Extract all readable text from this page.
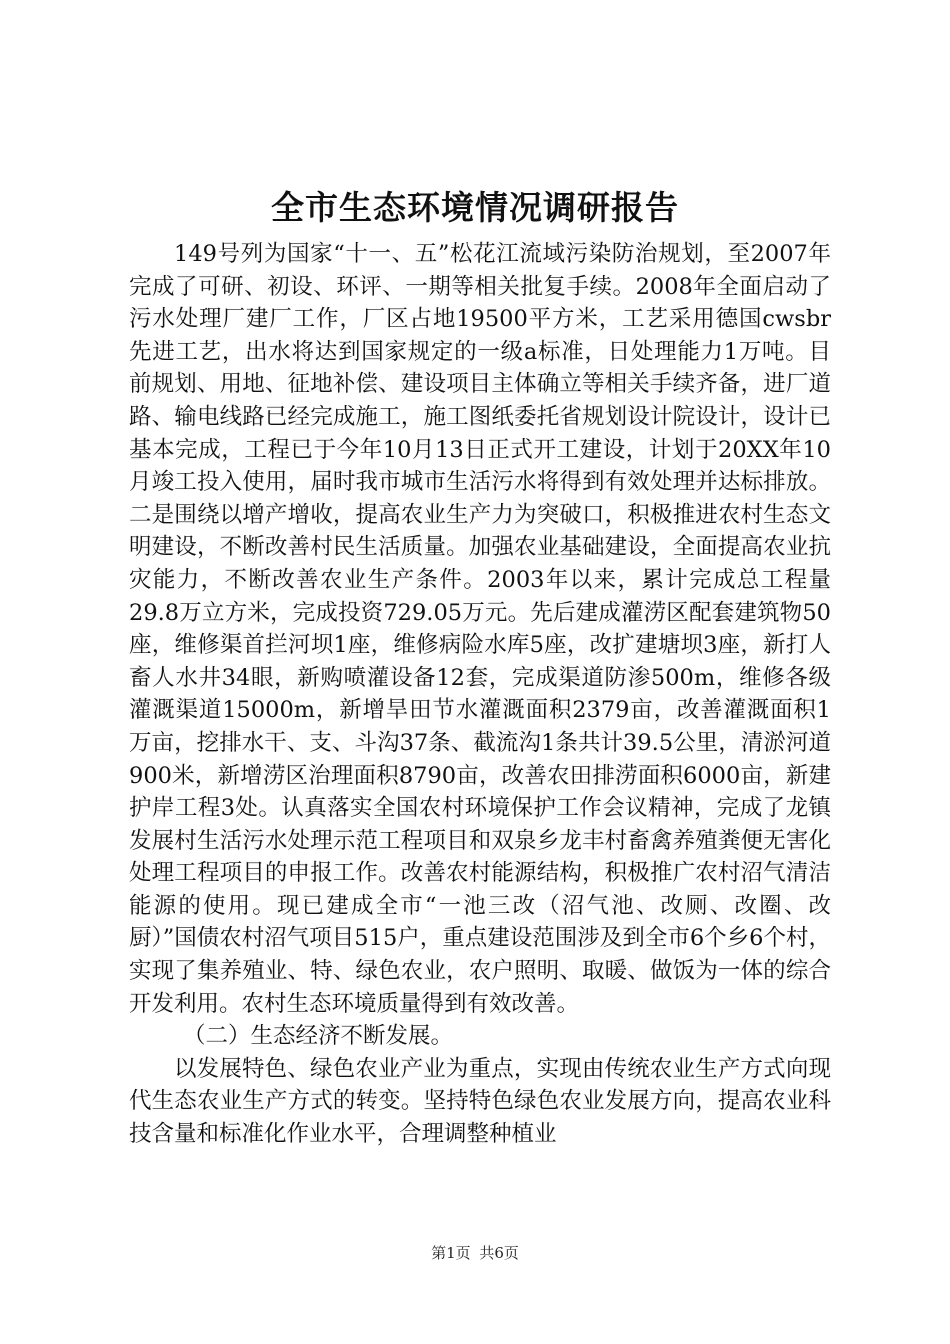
全市生态环境情况调研报告

149号列为国家“十一、五”松花江流域污染防治规划，至2007年完成了可研、初设、环评、一期等相关批复手续。2008年全面启动了污水处理厂建厂工作，厂区占地19500平方米，工艺采用德国cwsbr先进工艺，出水将达到国家规定的一级a标准，日处理能力1万吨。目前规划、用地、征地补偿、建设项目主体确立等相关手续齐备，进厂道路、输电线路已经完成施工，施工图纸委托省规划设计院设计，设计已基本完成，工程已于今年10月13日正式开工建设，计划于20XX年10月竣工投入使用，届时我市城市生活污水将得到有效处理并达标排放。二是围绕以增产增收，提高农业生产力为突破口，积极推进农村生态文明建设，不断改善村民生活质量。加强农业基础建设，全面提高农业抗灾能力，不断改善农业生产条件。2003年以来，累计完成总工程量29.8万立方米，完成投资729.05万元。先后建成灌涝区配套建筑物50座，维修渠首拦河坝1座，维修病险水库5座，改扩建塘坝3座，新打人畜人水井34眼，新购喷灌设备12套，完成渠道防渗500m，维修各级灌溉渠道15000m，新增旱田节水灌溉面积2379亩，改善灌溉面积1万亩，挖排水干、支、斗沟37条、截流沟1条共计39.5公里，清淤河道900米，新增涝区治理面积8790亩，改善农田排涝面积6000亩，新建护岸工程3处。认真落实全国农村环境保护工作会议精神，完成了龙镇发展村生活污水处理示范工程项目和双泉乡龙丰村畜禽养殖粪便无害化处理工程项目的申报工作。改善农村能源结构，积极推广农村沼气清洁能源的使用。现已建成全市“一池三改（沼气池、改厕、改圈、改厨）”国债农村沼气项目515户，重点建设范围涉及到全市6个乡6个村，实现了集养殖业、特、绿色农业，农户照明、取暖、做饭为一体的综合开发利用。农村生态环境质量得到有效改善。

（二）生态经济不断发展。

以发展特色、绿色农业产业为重点，实现由传统农业生产方式向现代生态农业生产方式的转变。坚持特色绿色农业发展方向，提高农业科技含量和标准化作业水平，合理调整种植业

第1页 共6页
